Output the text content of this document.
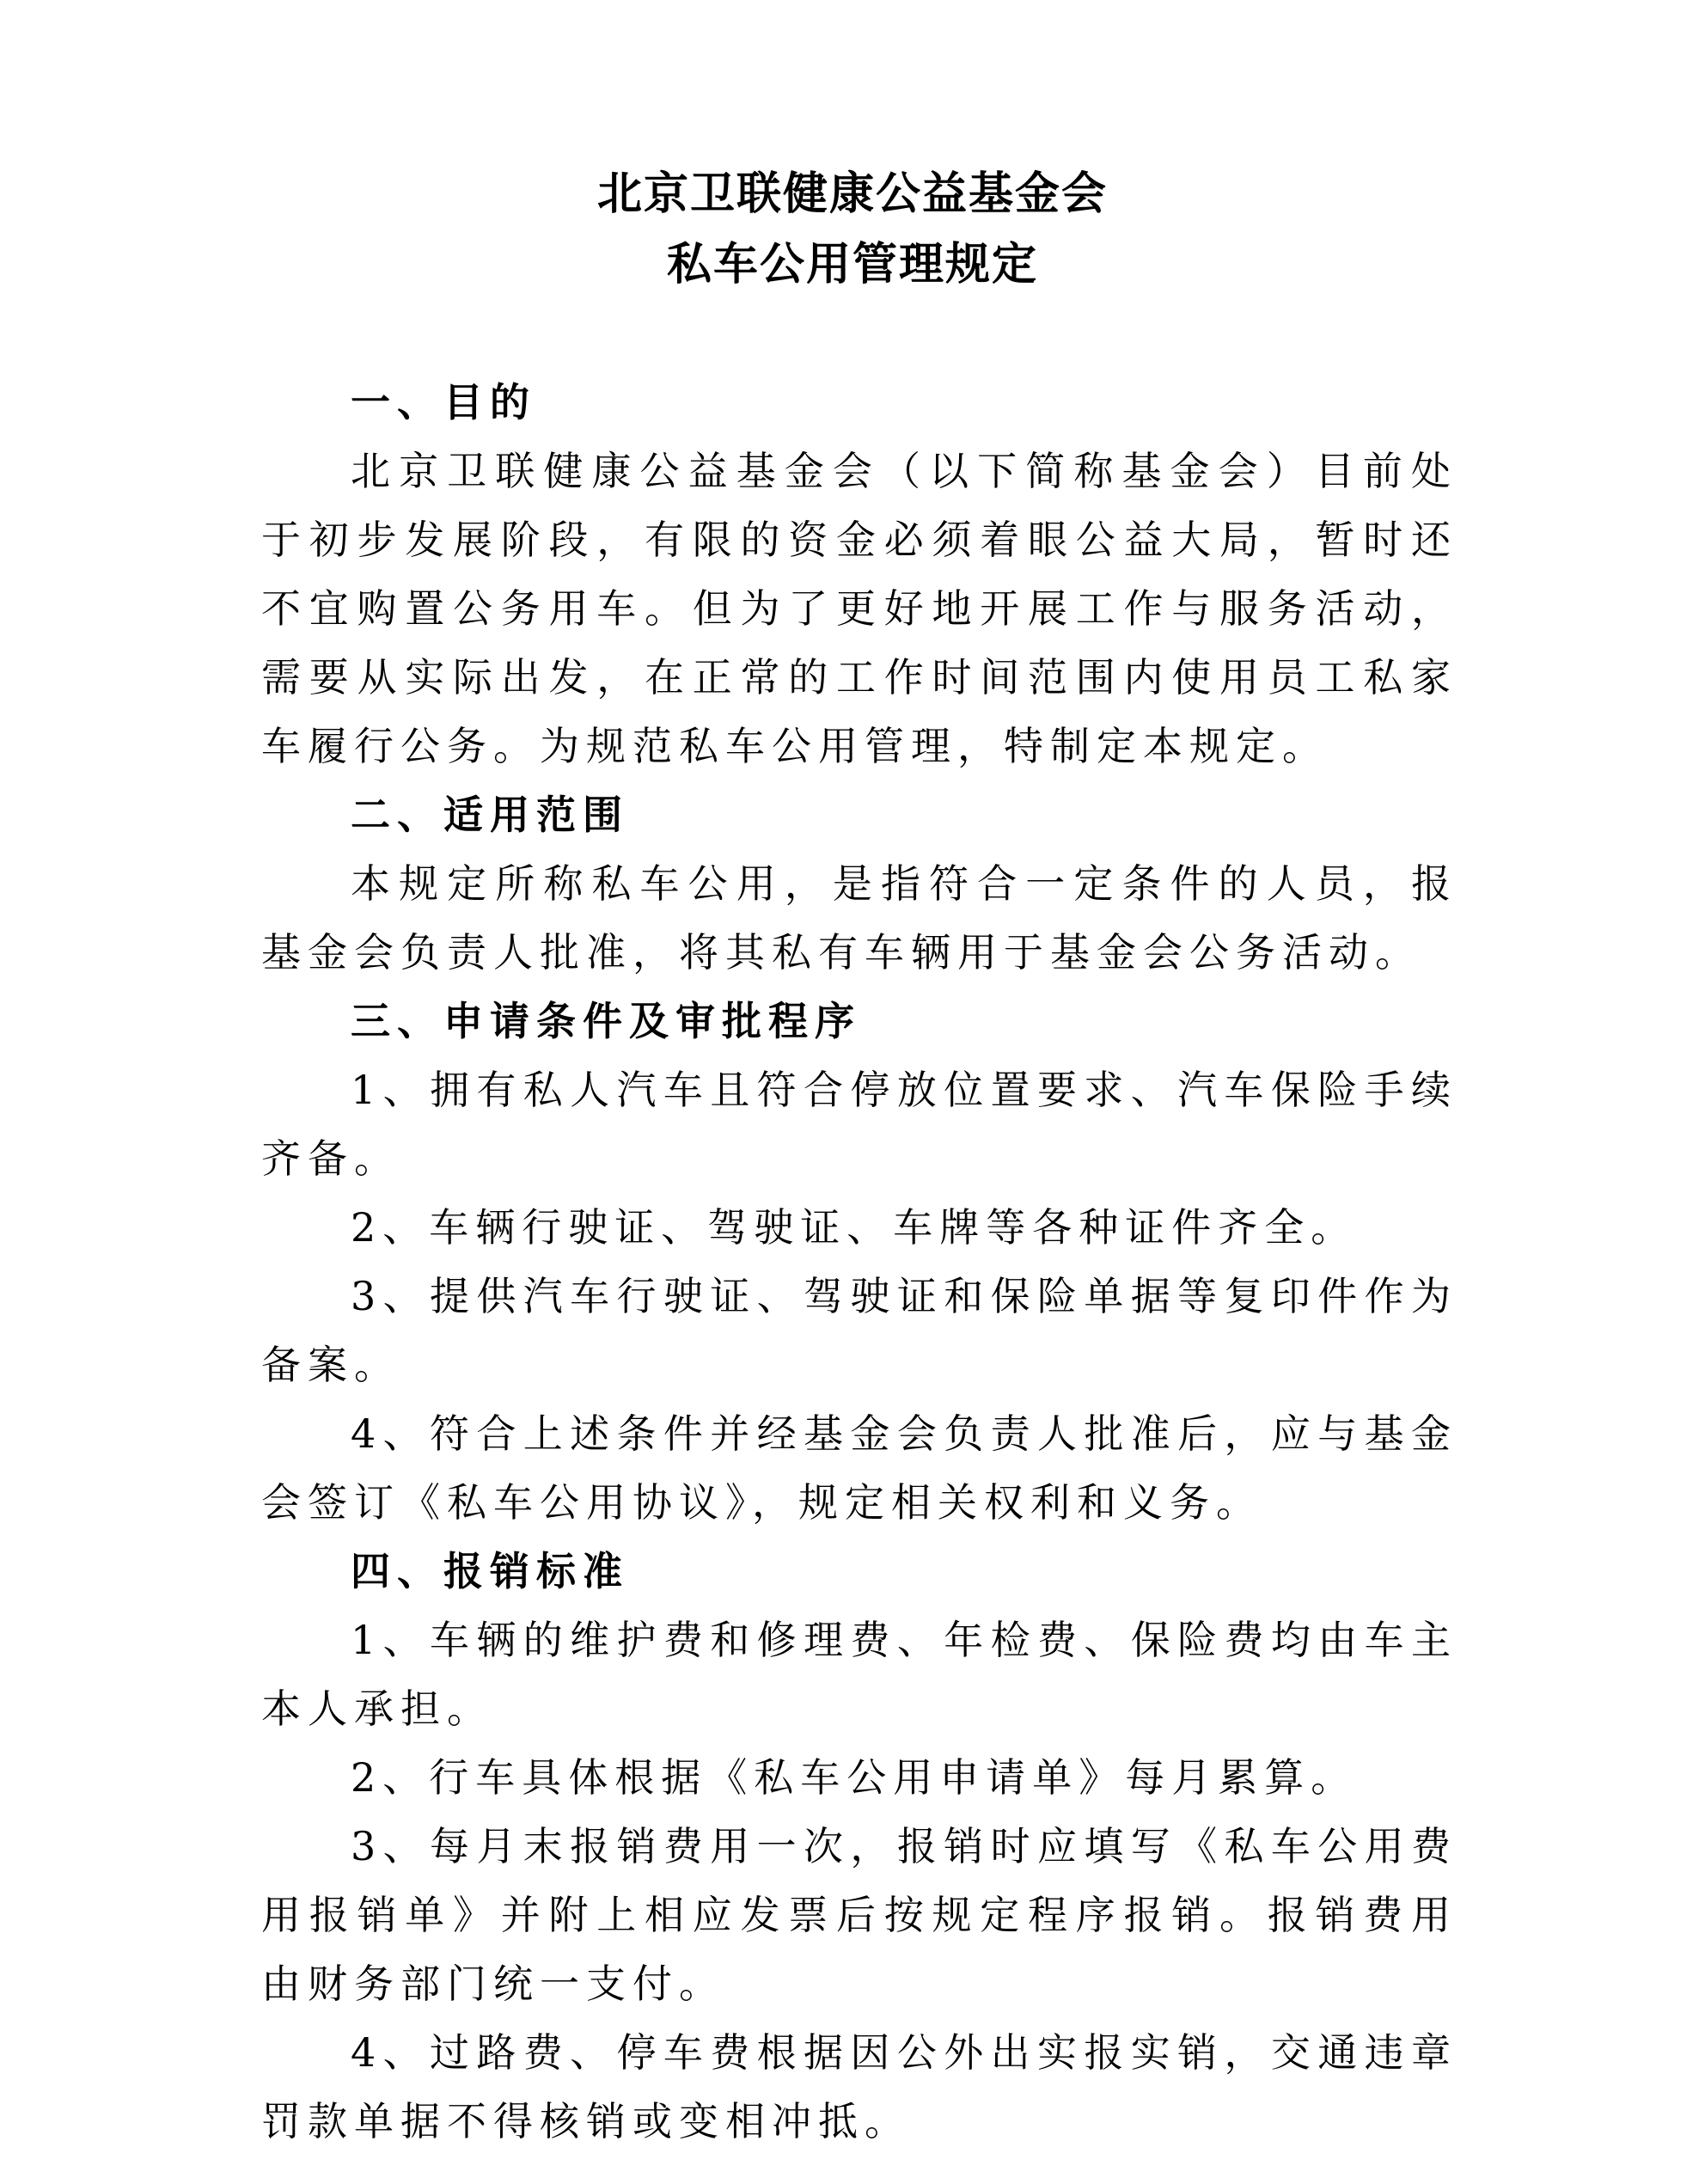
北京卫联健康公益基金会
私车公用管理规定
一、目的

北京卫联健康公益基金会（以下简称基金会）目前处于初步发展阶段，有限的资金必须着眼公益大局，暂时还不宜购置公务用车。但为了更好地开展工作与服务活动，需要从实际出发，在正常的工作时间范围内使用员工私家车履行公务。为规范私车公用管理，特制定本规定。

二、适用范围

本规定所称私车公用，是指符合一定条件的人员，报基金会负责人批准，将其私有车辆用于基金会公务活动。

三、申请条件及审批程序

1、拥有私人汽车且符合停放位置要求、汽车保险手续齐备。

2、车辆行驶证、驾驶证、车牌等各种证件齐全。

3、提供汽车行驶证、驾驶证和保险单据等复印件作为备案。

4、符合上述条件并经基金会负责人批准后，应与基金会签订《私车公用协议》，规定相关权利和义务。

四、报销标准

1、车辆的维护费和修理费、年检费、保险费均由车主本人承担。

2、行车具体根据《私车公用申请单》每月累算。

3、每月末报销费用一次，报销时应填写《私车公用费用报销单》并附上相应发票后按规定程序报销。报销费用由财务部门统一支付。

4、过路费、停车费根据因公外出实报实销，交通违章罚款单据不得核销或变相冲抵。
